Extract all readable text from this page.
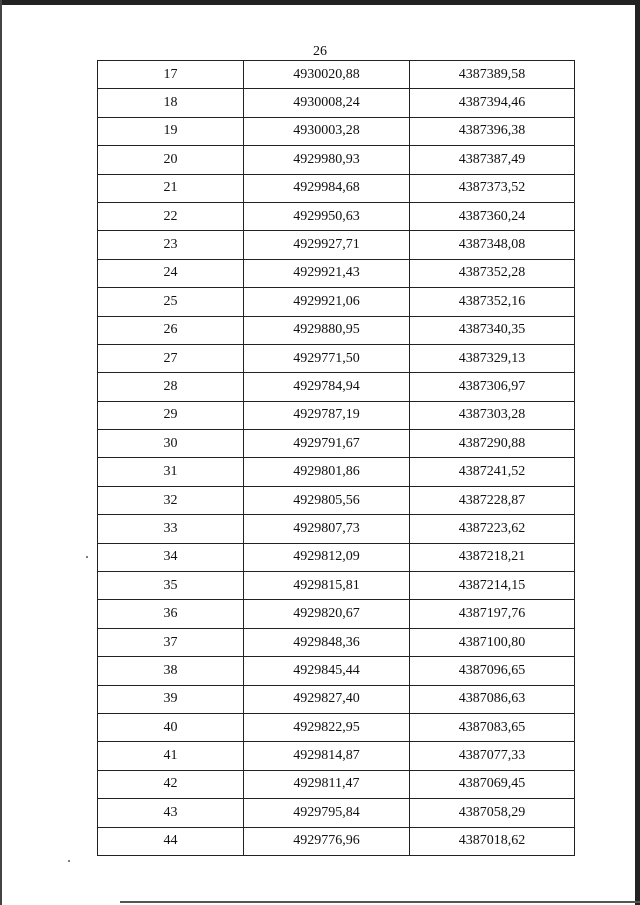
26
17	4930020,88	4387389,58
18	4930008,24	4387394,46
19	4930003,28	4387396,38
20	4929980,93	4387387,49
21	4929984,68	4387373,52
22	4929950,63	4387360,24
23	4929927,71	4387348,08
24	4929921,43	4387352,28
25	4929921,06	4387352,16
26	4929880,95	4387340,35
27	4929771,50	4387329,13
28	4929784,94	4387306,97
29	4929787,19	4387303,28
30	4929791,67	4387290,88
31	4929801,86	4387241,52
32	4929805,56	4387228,87
33	4929807,73	4387223,62
34	4929812,09	4387218,21
35	4929815,81	4387214,15
36	4929820,67	4387197,76
37	4929848,36	4387100,80
38	4929845,44	4387096,65
39	4929827,40	4387086,63
40	4929822,95	4387083,65
41	4929814,87	4387077,33
42	4929811,47	4387069,45
43	4929795,84	4387058,29
44	4929776,96	4387018,62
